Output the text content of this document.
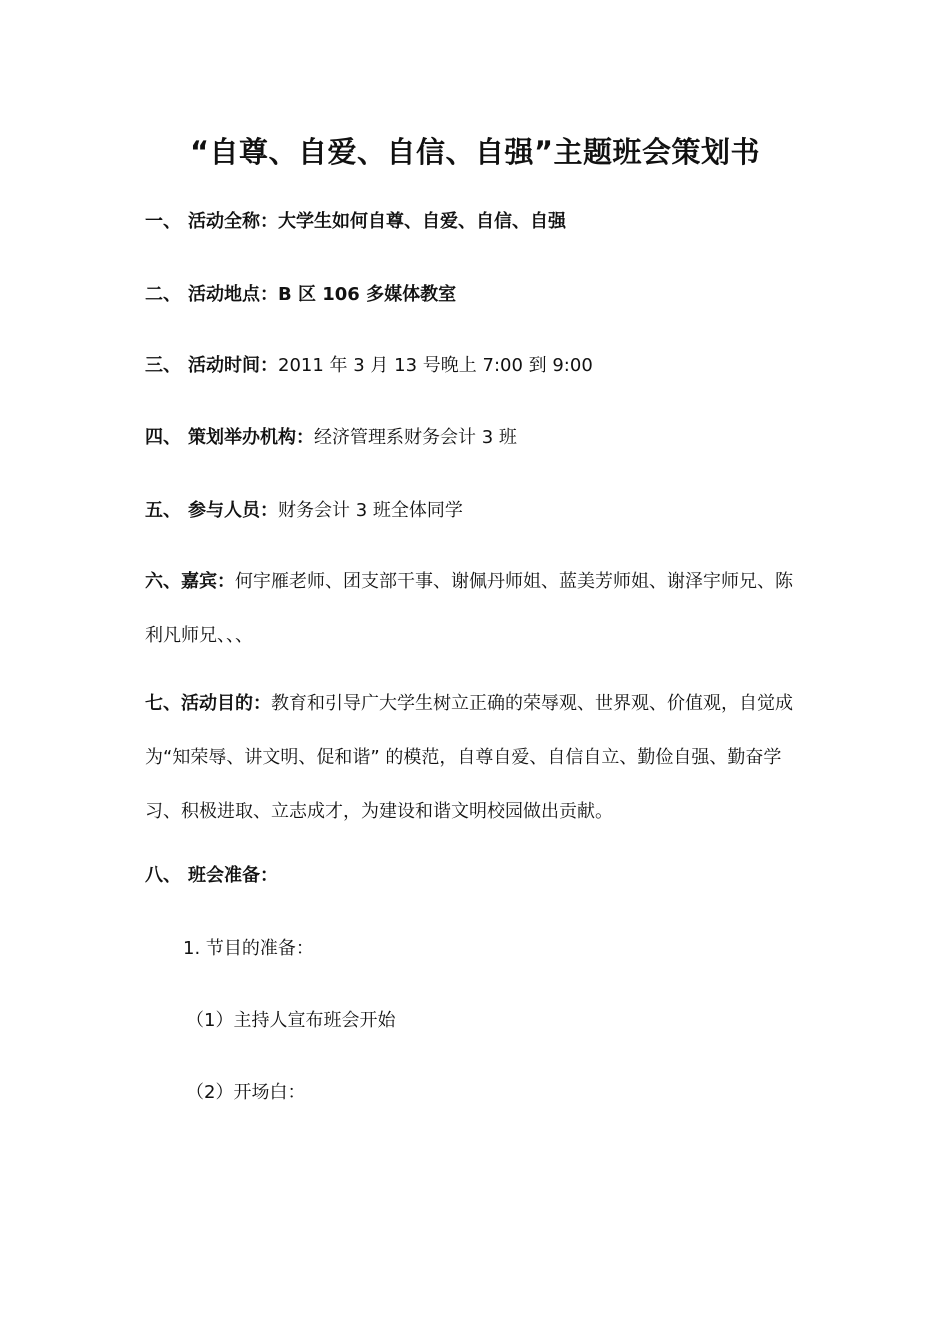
“自尊、自爱、自信、自强”主题班会策划书
一、 活动全称：大学生如何自尊、自爱、自信、自强
二、 活动地点：B 区 106 多媒体教室
三、 活动时间：2011 年 3 月 13 号晚上 7:00 到 9:00
四、 策划举办机构：经济管理系财务会计 3 班
五、 参与人员：财务会计 3 班全体同学
六、嘉宾：何宇雁老师、团支部干事、谢佩丹师姐、蓝美芳师姐、谢泽宇师兄、陈利凡师兄、、、
七、活动目的：教育和引导广大学生树立正确的荣辱观、世界观、价值观，自觉成为“知荣辱、讲文明、促和谐” 的模范，自尊自爱、自信自立、勤俭自强、勤奋学习、积极进取、立志成才，为建设和谐文明校园做出贡献。
八、 班会准备：
1. 节目的准备：
（1）主持人宣布班会开始
（2）开场白：
